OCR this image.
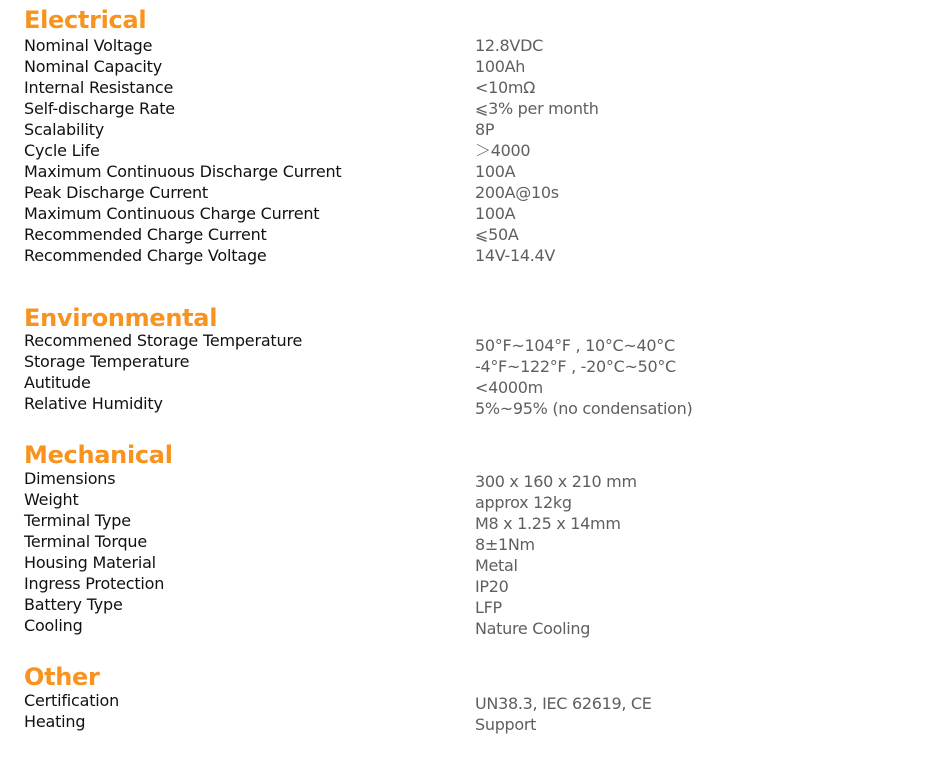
Electrical
Nominal Voltage	12.8VDC
Nominal Capacity	100Ah
Internal Resistance	<10mΩ
Self-discharge Rate	⩽3% per month
Scalability	8P
Cycle Life	＞4000
Maximum Continuous Discharge Current	100A
Peak Discharge Current	200A@10s
Maximum Continuous Charge Current	100A
Recommended Charge Current	⩽50A
Recommended Charge Voltage	14V-14.4V
Environmental
Recommened Storage Temperature	50°F~104°F , 10°C~40°C
Storage Temperature	-4°F~122°F , -20°C~50°C
Autitude	<4000m
Relative Humidity	5%~95% (no condensation)
Mechanical
Dimensions	300 x 160 x 210 mm
Weight	approx 12kg
Terminal Type	M8 x 1.25 x 14mm
Terminal Torque	8±1Nm
Housing Material	Metal
Ingress Protection	IP20
Battery Type	LFP
Cooling	Nature Cooling
Other
Certification	UN38.3, IEC 62619, CE
Heating	Support
